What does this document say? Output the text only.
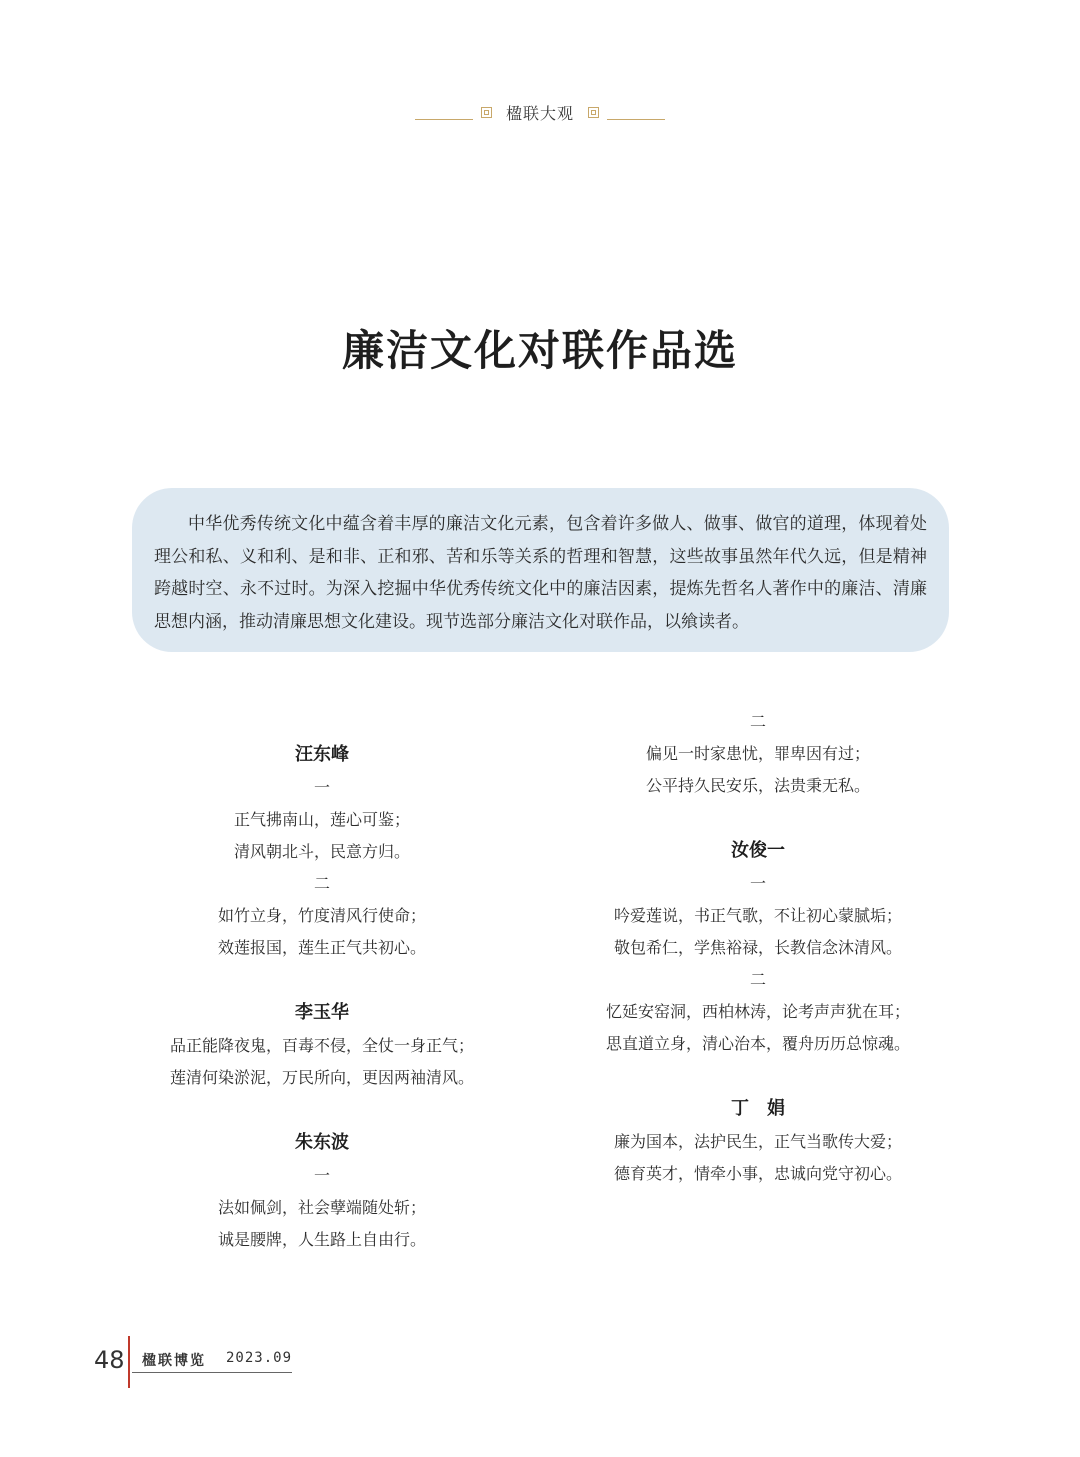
楹联大观
廉洁文化对联作品选
中华优秀传统文化中蕴含着丰厚的廉洁文化元素，包含着许多做人、做事、做官的道理，体现着处理公和私、义和利、是和非、正和邪、苦和乐等关系的哲理和智慧，这些故事虽然年代久远，但是精神跨越时空、永不过时。为深入挖掘中华优秀传统文化中的廉洁因素，提炼先哲名人著作中的廉洁、清廉思想内涵，推动清廉思想文化建设。现节选部分廉洁文化对联作品，以飨读者。
汪东峰
一
正气拂南山，莲心可鉴；
清风朝北斗，民意方归。
二
如竹立身，竹度清风行使命；
效莲报国，莲生正气共初心。
李玉华
品正能降夜鬼，百毒不侵，全仗一身正气；
莲清何染淤泥，万民所向，更因两袖清风。
朱东波
一
法如佩剑，社会孽端随处斩；
诚是腰牌，人生路上自由行。
二
偏见一时家患忧，罪卑因有过；
公平持久民安乐，法贵秉无私。
汝俊一
一
吟爱莲说，书正气歌，不让初心蒙腻垢；
敬包希仁，学焦裕禄，长教信念沐清风。
二
忆延安窑洞，西柏林涛，论考声声犹在耳；
思直道立身，清心治本，覆舟历历总惊魂。
丁　娟
廉为国本，法护民生，正气当歌传大爱；
德育英才，情牵小事，忠诚向党守初心。
48 楹联博览 2023.09
